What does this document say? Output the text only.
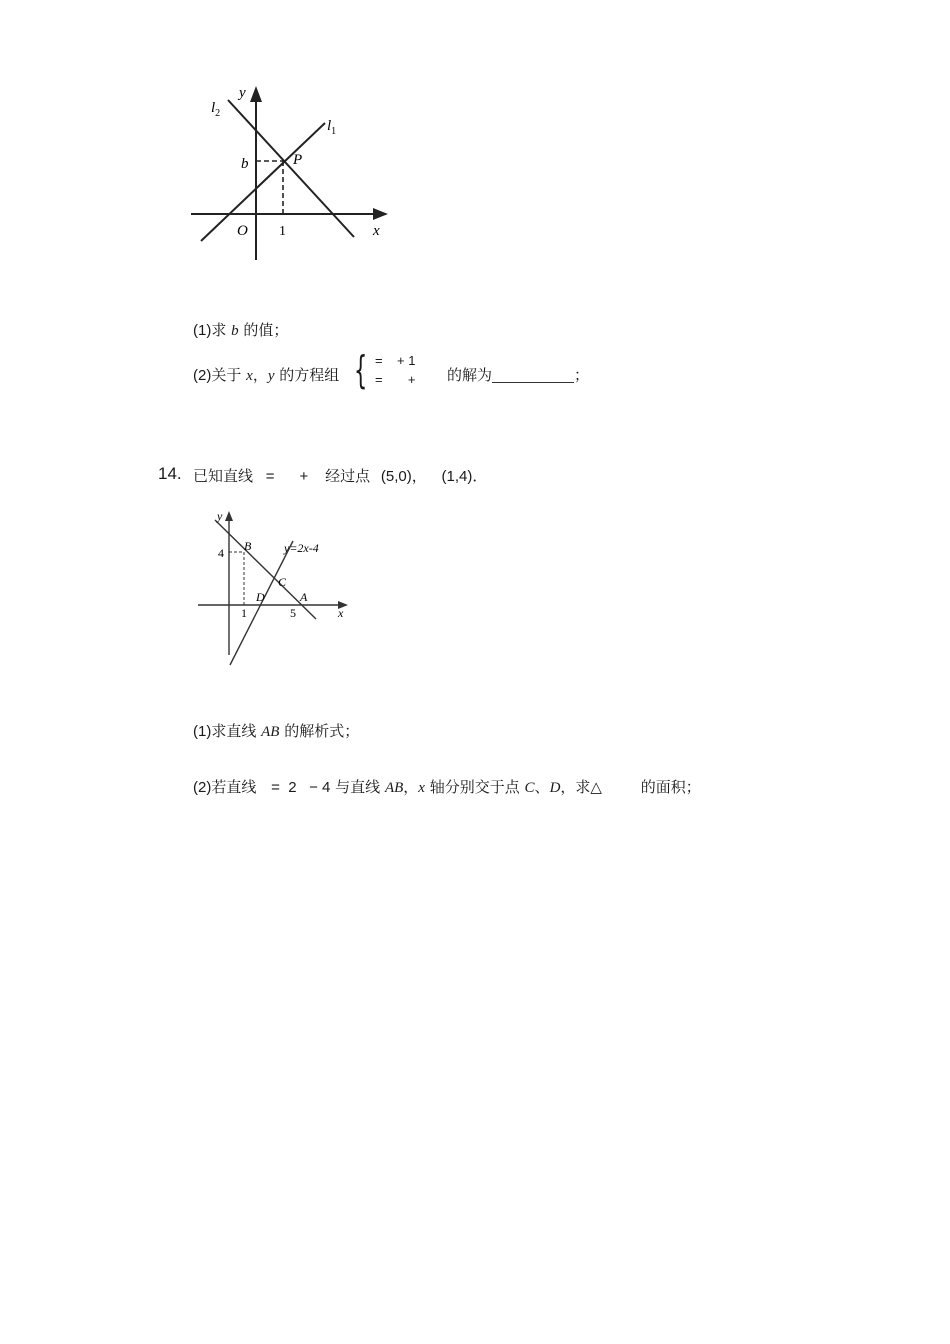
y
x
$l_2$
$l_1$
b	P
O 1
(1)求 b 的值；
(2)关于 x，y 的方程组 { =    + 1
=       + 的解为	；
14. 已知直线 =      + 经过点 (5,0)， (1,4)．
y
x
4 B	y=2x-4
C
D	A
1	5
(1)求直线 AB 的解析式；
(2)若直线 =  2   − 4 与直线 AB，x 轴分别交于点 C、D，求△	的面积；
